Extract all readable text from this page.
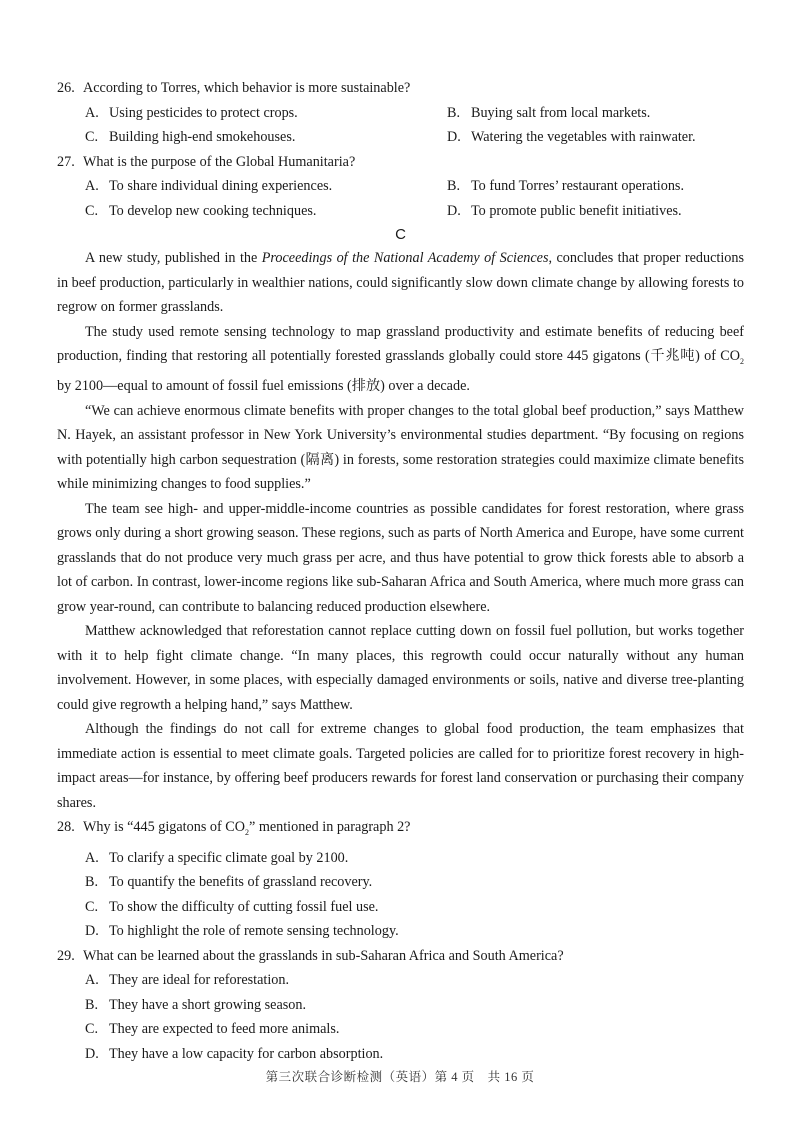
26. According to Torres, which behavior is more sustainable?
A. Using pesticides to protect crops.	B. Buying salt from local markets.
C. Building high-end smokehouses.	D. Watering the vegetables with rainwater.
27. What is the purpose of the Global Humanitaria?
A. To share individual dining experiences.	B. To fund Torres’ restaurant operations.
C. To develop new cooking techniques.	D. To promote public benefit initiatives.
C

A new study, published in the Proceedings of the National Academy of Sciences, concludes that proper reductions in beef production, particularly in wealthier nations, could significantly slow down climate change by allowing forests to regrow on former grasslands.

The study used remote sensing technology to map grassland productivity and estimate benefits of reducing beef production, finding that restoring all potentially forested grasslands globally could store 445 gigatons (千兆吨) of $CO_2$ by 2100—equal to amount of fossil fuel emissions (排放) over a decade.

“We can achieve enormous climate benefits with proper changes to the total global beef production,” says Matthew N. Hayek, an assistant professor in New York University’s environmental studies department. “By focusing on regions with potentially high carbon sequestration (隔离) in forests, some restoration strategies could maximize climate benefits while minimizing changes to food supplies.”

The team see high- and upper-middle-income countries as possible candidates for forest restoration, where grass grows only during a short growing season. These regions, such as parts of North America and Europe, have some current grasslands that do not produce very much grass per acre, and thus have potential to grow thick forests able to absorb a lot of carbon. In contrast, lower-income regions like sub-Saharan Africa and South America, where much more grass can grow year-round, can contribute to balancing reduced production elsewhere.

Matthew acknowledged that reforestation cannot replace cutting down on fossil fuel pollution, but works together with it to help fight climate change. “In many places, this regrowth could occur naturally without any human involvement. However, in some places, with especially damaged environments or soils, native and diverse tree-planting could give regrowth a helping hand,” says Matthew.

Although the findings do not call for extreme changes to global food production, the team emphasizes that immediate action is essential to meet climate goals. Targeted policies are called for to prioritize forest recovery in high-impact areas—for instance, by offering beef producers rewards for forest land conservation or purchasing their company shares.

28. Why is “445 gigatons of $CO_2$” mentioned in paragraph 2?
A. To clarify a specific climate goal by 2100.
B. To quantify the benefits of grassland recovery.
C. To show the difficulty of cutting fossil fuel use.
D. To highlight the role of remote sensing technology.
29. What can be learned about the grasslands in sub-Saharan Africa and South America?
A. They are ideal for reforestation.
B. They have a short growing season.
C. They are expected to feed more animals.
D. They have a low capacity for carbon absorption.
第三次联合诊断检测（英语）第 4 页　共 16 页
